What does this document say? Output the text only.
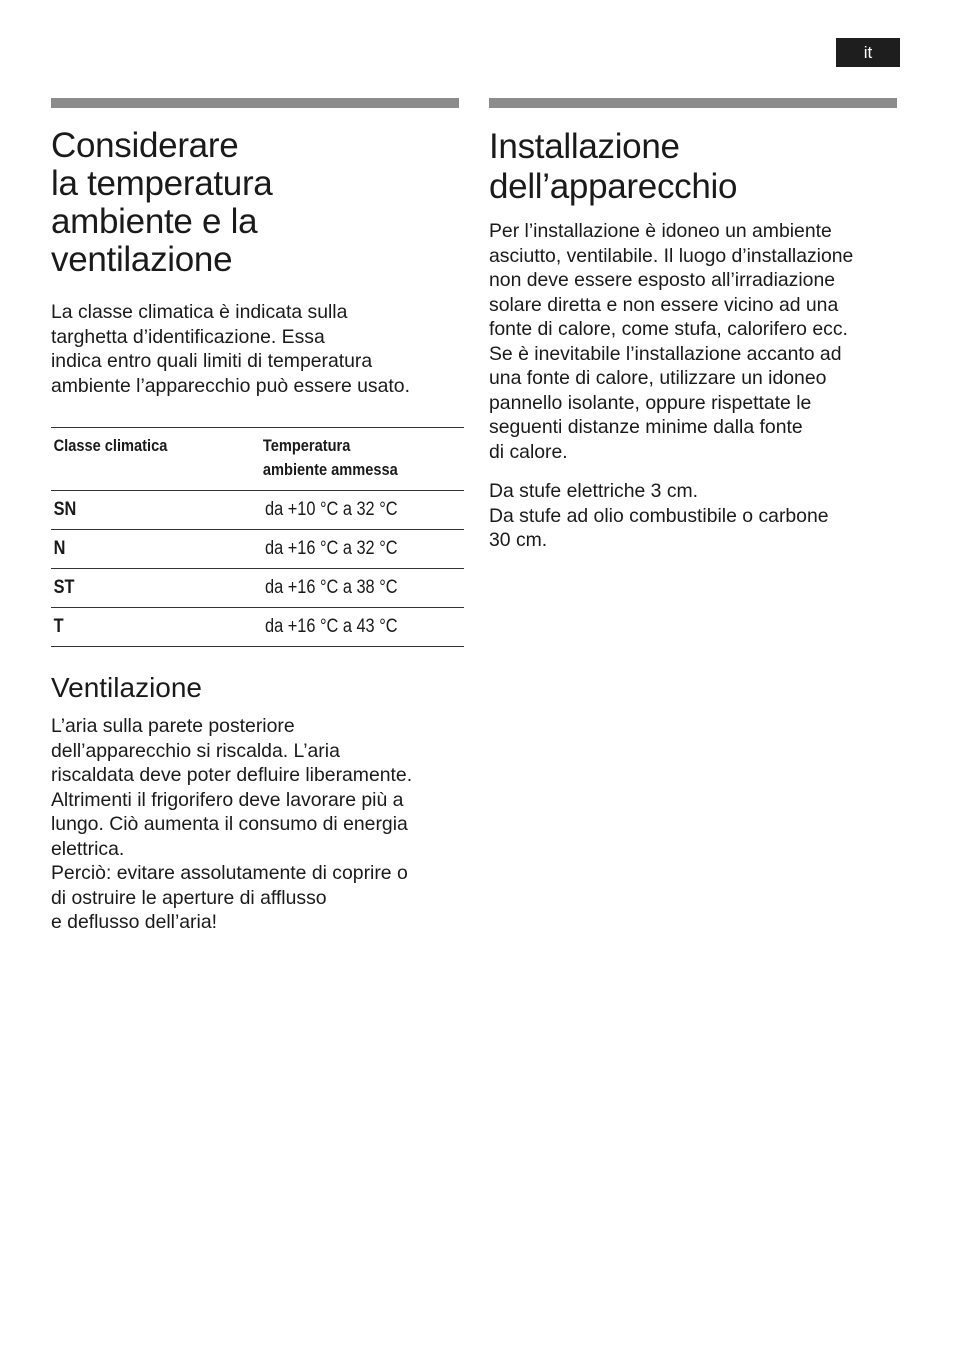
it
Considerare
la temperatura
ambiente e la
ventilazione

La classe climatica è indicata sulla
targhetta d’identificazione. Essa
indica entro quali limiti di temperatura
ambiente l’apparecchio può essere usato.

Classe climatica	Temperatura
ambiente ammessa
SN	da +10 °C a 32 °C
N	da +16 °C a 32 °C
ST	da +16 °C a 38 °C
T	da +16 °C a 43 °C
Ventilazione

L’aria sulla parete posteriore
dell’apparecchio si riscalda. L’aria
riscaldata deve poter defluire liberamente.
Altrimenti il frigorifero deve lavorare più a
lungo. Ciò aumenta il consumo di energia
elettrica.
Perciò: evitare assolutamente di coprire o
di ostruire le aperture di afflusso
e deflusso dell’aria!

Installazione
dell’apparecchio

Per l’installazione è idoneo un ambiente
asciutto, ventilabile. Il luogo d’installazione
non deve essere esposto all’irradiazione
solare diretta e non essere vicino ad una
fonte di calore, come stufa, calorifero ecc.
Se è inevitabile l’installazione accanto ad
una fonte di calore, utilizzare un idoneo
pannello isolante, oppure rispettate le
seguenti distanze minime dalla fonte
di calore.

Da stufe elettriche 3 cm.
Da stufe ad olio combustibile o carbone
30 cm.
